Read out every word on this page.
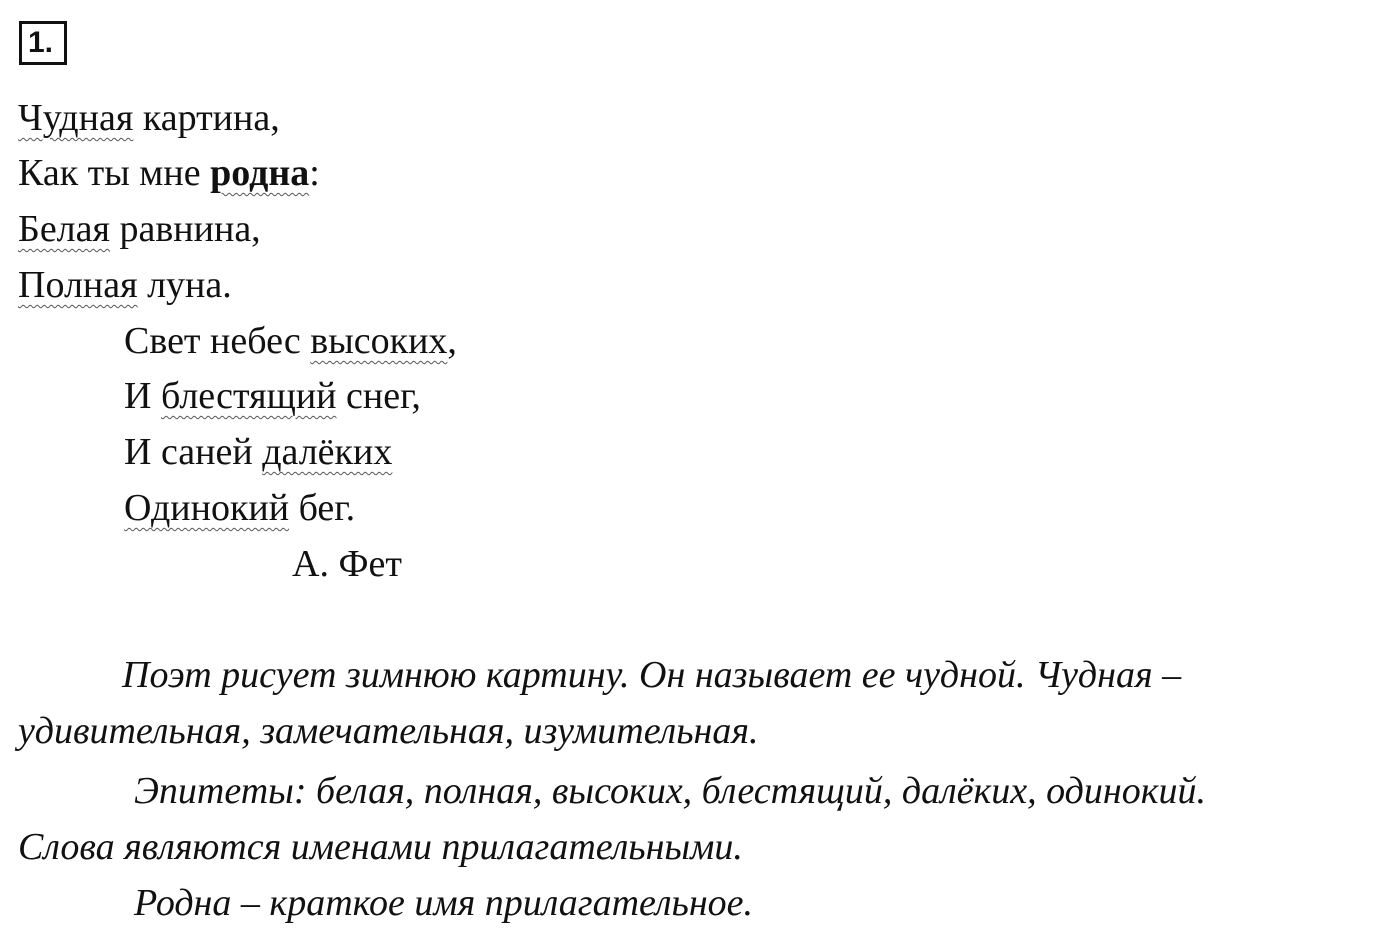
1.
Чудная картина,
Как ты мне родна:
Белая равнина,
Полная луна.
Свет небес высоких,
И блестящий снег,
И саней далёких
Одинокий бег.
А. Фет
Поэт рисует зимнюю картину. Он называет ее чудной. Чудная –
удивительная, замечательная, изумительная.
Эпитеты: белая, полная, высоких, блестящий, далёких, одинокий.
Слова являются именами прилагательными.
Родна – краткое имя прилагательное.
